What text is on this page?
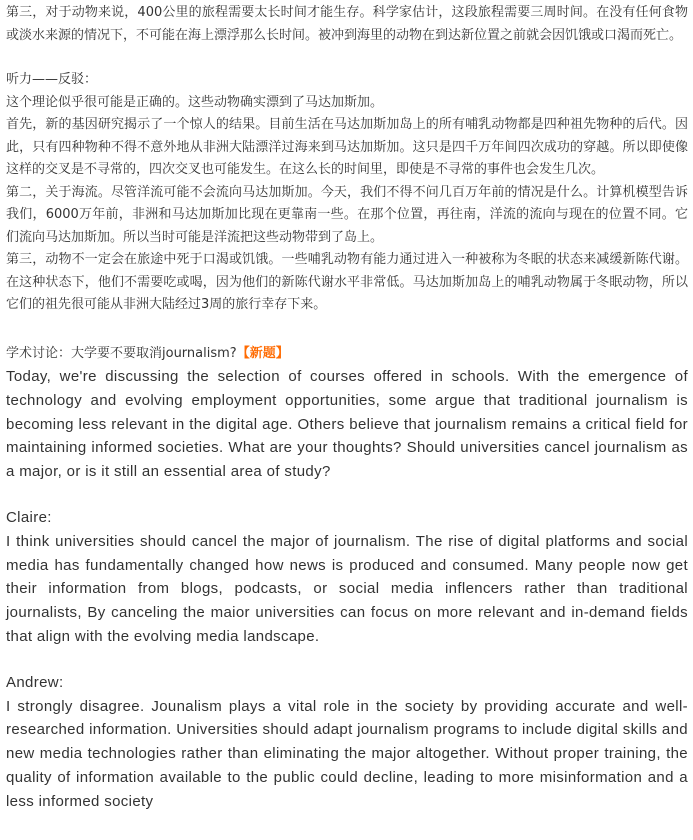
第三，对于动物来说，400公里的旅程需要太长时间才能生存。科学家估计，这段旅程需要三周时间。在没有任何食物或淡水来源的情况下，不可能在海上漂浮那么长时间。被冲到海里的动物在到达新位置之前就会因饥饿或口渴而死亡。

听力——反驳：

这个理论似乎很可能是正确的。这些动物确实漂到了马达加斯加。

首先，新的基因研究揭示了一个惊人的结果。目前生活在马达加斯加岛上的所有哺乳动物都是四种祖先物种的后代。因此，只有四种物种不得不意外地从非洲大陆漂洋过海来到马达加斯加。这只是四千万年间四次成功的穿越。所以即使像这样的交叉是不寻常的，四次交叉也可能发生。在这么长的时间里，即使是不寻常的事件也会发生几次。

第二，关于海流。尽管洋流可能不会流向马达加斯加。今天，我们不得不问几百万年前的情况是什么。计算机模型告诉我们，6000万年前，非洲和马达加斯加比现在更靠南一些。在那个位置，再往南，洋流的流向与现在的位置不同。它们流向马达加斯加。所以当时可能是洋流把这些动物带到了岛上。

第三，动物不一定会在旅途中死于口渴或饥饿。一些哺乳动物有能力通过进入一种被称为冬眠的状态来减缓新陈代谢。在这种状态下，他们不需要吃或喝，因为他们的新陈代谢水平非常低。马达加斯加岛上的哺乳动物属于冬眠动物，所以它们的祖先很可能从非洲大陆经过3周的旅行幸存下来。

学术讨论：大学要不要取消journalism?【新题】

Today, we're discussing the selection of courses offered in schools. With the emergence of technology and evolving employment opportunities, some argue that traditional journalism is becoming less relevant in the digital age. Others believe that journalism remains a critical field for maintaining informed societies. What are your thoughts? Should universities cancel journalism as a major, or is it still an essential area of study?

Claire:

I think universities should cancel the major of journalism. The rise of digital platforms and social media has fundamentally changed how news is produced and consumed. Many people now get their information from blogs, podcasts, or social media inflencers rather than traditional journalists, By canceling the maior universities can focus on more relevant and in-demand fields that align with the evolving media landscape.

Andrew:

I strongly disagree. Jounalism plays a vital role in the society by providing accurate and well-researched information. Universities should adapt journalism programs to include digital skills and new media technologies rather than eliminating the major altogether. Without proper training, the quality of information available to the public could decline, leading to more misinformation and a less informed society
